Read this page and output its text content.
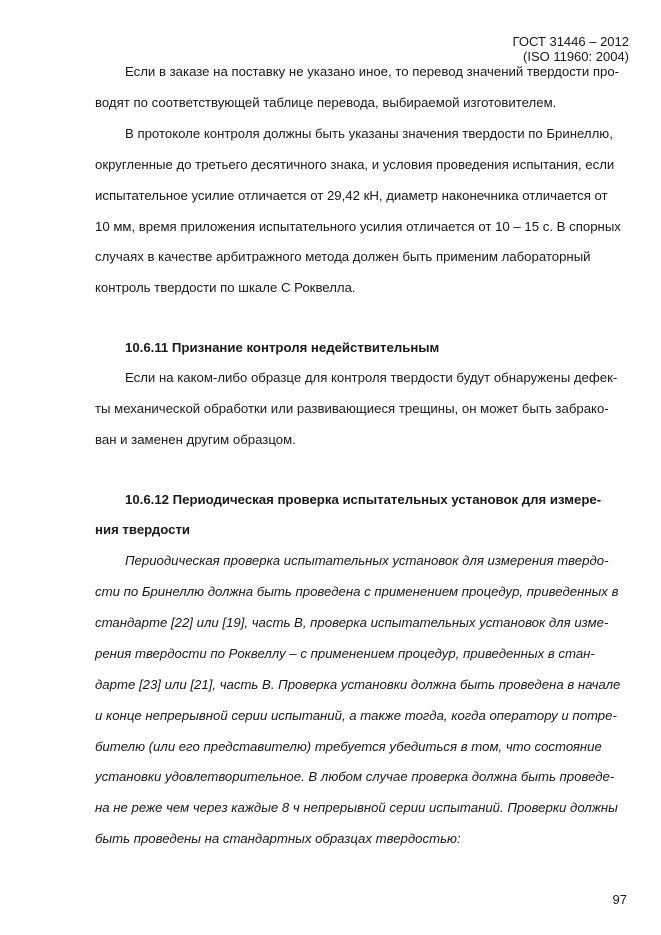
ГОСТ 31446 – 2012
(ISO 11960: 2004)
Если в заказе на поставку не указано иное, то перевод значений твердости про-
водят по соответствующей таблице перевода, выбираемой изготовителем.
В протоколе контроля должны быть указаны значения твердости по Бринеллю,
округленные до третьего десятичного знака, и условия проведения испытания, если
испытательное усилие отличается от 29,42 кН, диаметр наконечника отличается от
10 мм, время приложения испытательного усилия отличается от 10 – 15 с. В спорных
случаях в качестве арбитражного метода должен быть применим лабораторный
контроль твердости по шкале С Роквелла.
10.6.11 Признание контроля недействительным
Если на каком-либо образце для контроля твердости будут обнаружены дефек-
ты механической обработки или развивающиеся трещины, он может быть забрако-
ван и заменен другим образцом.
10.6.12 Периодическая проверка испытательных установок для измере-
ния твердости
Периодическая проверка испытательных установок для измерения твердо-
сти по Бринеллю должна быть проведена с применением процедур, приведенных в
стандарте [22] или [19], часть В, проверка испытательных установок для изме-
рения твердости по Роквеллу – с применением процедур, приведенных в стан-
дарте [23] или [21], часть В. Проверка установки должна быть проведена в начале
и конце непрерывной серии испытаний, а также тогда, когда оператору и потре-
бителю (или его представителю) требуется убедиться в том, что состояние
установки удовлетворительное. В любом случае проверка должна быть проведе-
на не реже чем через каждые 8 ч непрерывной серии испытаний. Проверки должны
быть проведены на стандартных образцах твердостью:
97
